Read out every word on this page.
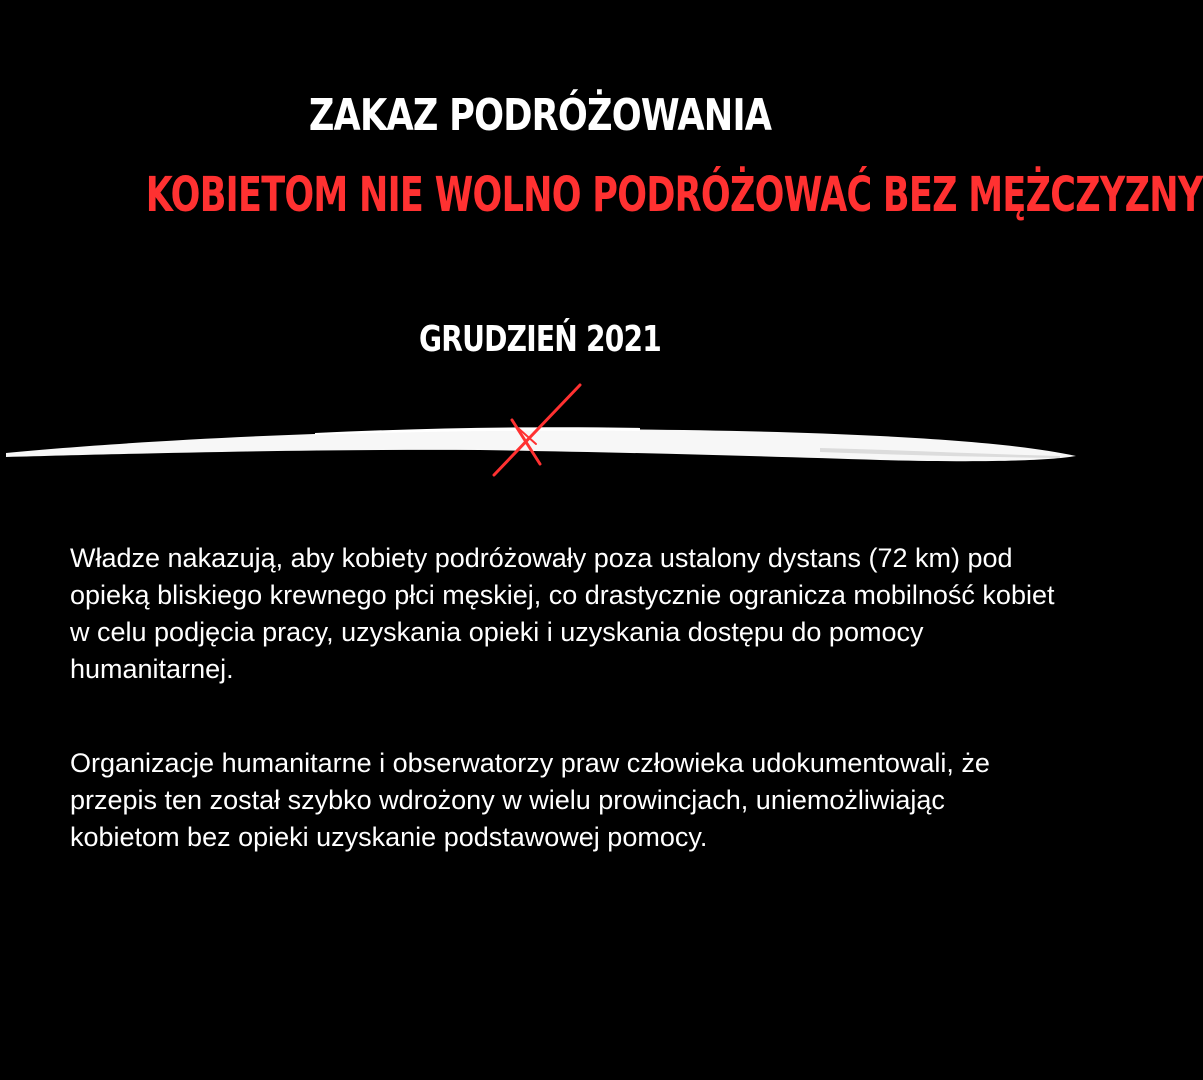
ZAKAZ PODRÓŻOWANIA
KOBIETOM NIE WOLNO PODRÓŻOWAĆ BEZ MĘŻCZYZNY
GRUDZIEŃ 2021

Władze nakazują, aby kobiety podróżowały poza ustalony dystans (72 km) pod opieką bliskiego krewnego płci męskiej, co drastycznie ogranicza mobilność kobiet w celu podjęcia pracy, uzyskania opieki i uzyskania dostępu do pomocy humanitarnej.

Organizacje humanitarne i obserwatorzy praw człowieka udokumentowali, że przepis ten został szybko wdrożony w wielu prowincjach, uniemożliwiając kobietom bez opieki uzyskanie podstawowej pomocy.
